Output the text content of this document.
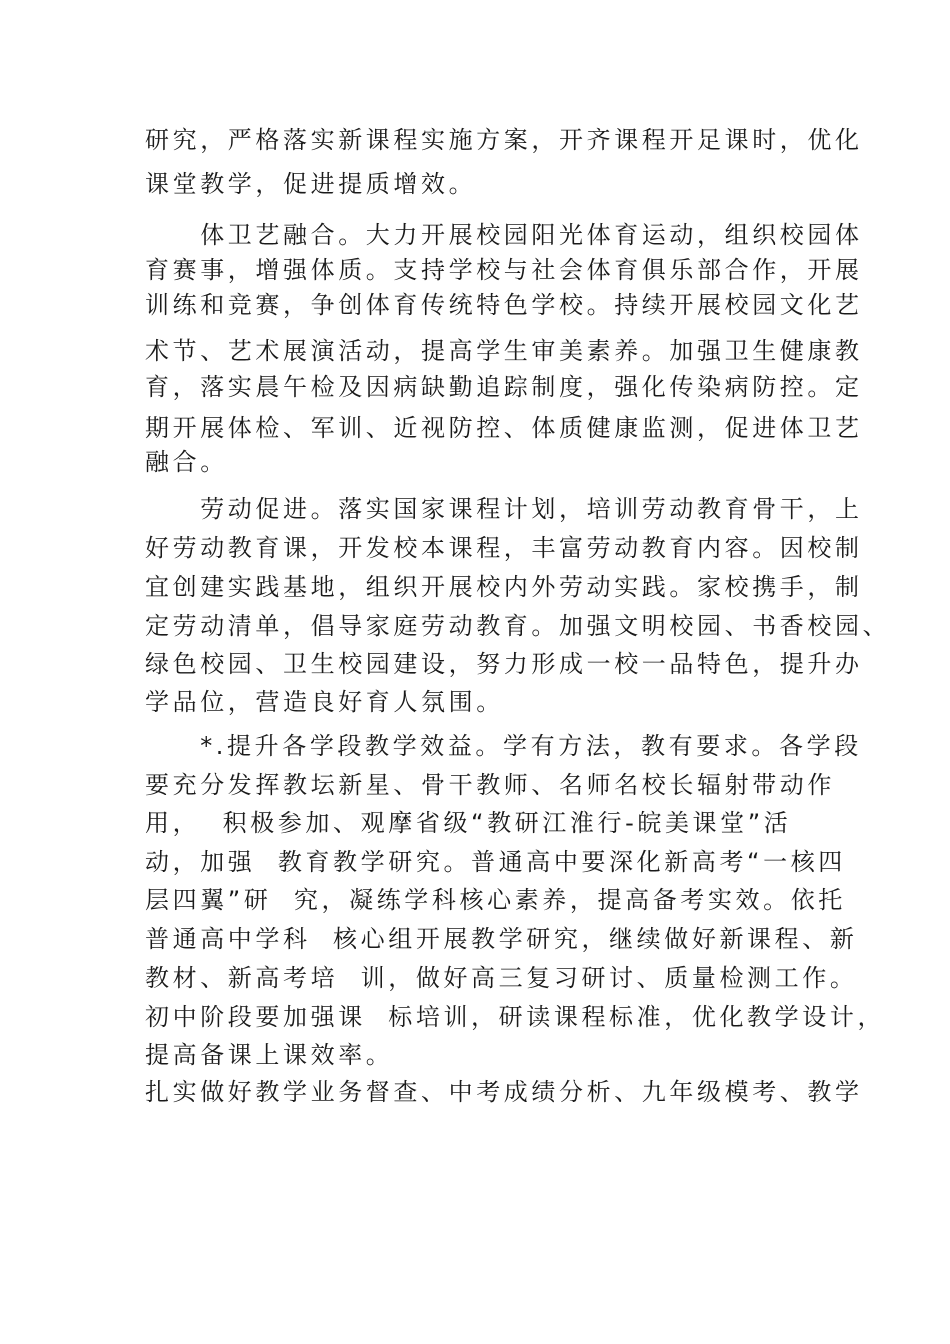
研究，严格落实新课程实施方案，开齐课程开足课时，优化
课堂教学，促进提质增效。
　　体卫艺融合。大力开展校园阳光体育运动，组织校园体
育赛事，增强体质。支持学校与社会体育俱乐部合作，开展
训练和竞赛，争创体育传统特色学校。持续开展校园文化艺
术节、艺术展演活动，提高学生审美素养。加强卫生健康教
育，落实晨午检及因病缺勤追踪制度，强化传染病防控。定
期开展体检、军训、近视防控、体质健康监测，促进体卫艺
融合。
　　劳动促进。落实国家课程计划，培训劳动教育骨干，上
好劳动教育课，开发校本课程，丰富劳动教育内容。因校制
宜创建实践基地，组织开展校内外劳动实践。家校携手，制
定劳动清单，倡导家庭劳动教育。加强文明校园、书香校园、
绿色校园、卫生校园建设，努力形成一校一品特色，提升办
学品位，营造良好育人氛围。
　　*.提升各学段教学效益。学有方法，教有要求。各学段
要充分发挥教坛新星、骨干教师、名师名校长辐射带动作
用，  积极参加、观摩省级“教研江淮行-皖美课堂”活
动，加强  教育教学研究。普通高中要深化新高考“一核四
层四翼”研  究，凝练学科核心素养，提高备考实效。依托
普通高中学科  核心组开展教学研究，继续做好新课程、新
教材、新高考培  训，做好高三复习研讨、质量检测工作。
初中阶段要加强课  标培训，研读课程标准，优化教学设计，
提高备课上课效率。
扎实做好教学业务督查、中考成绩分析、九年级模考、教学
